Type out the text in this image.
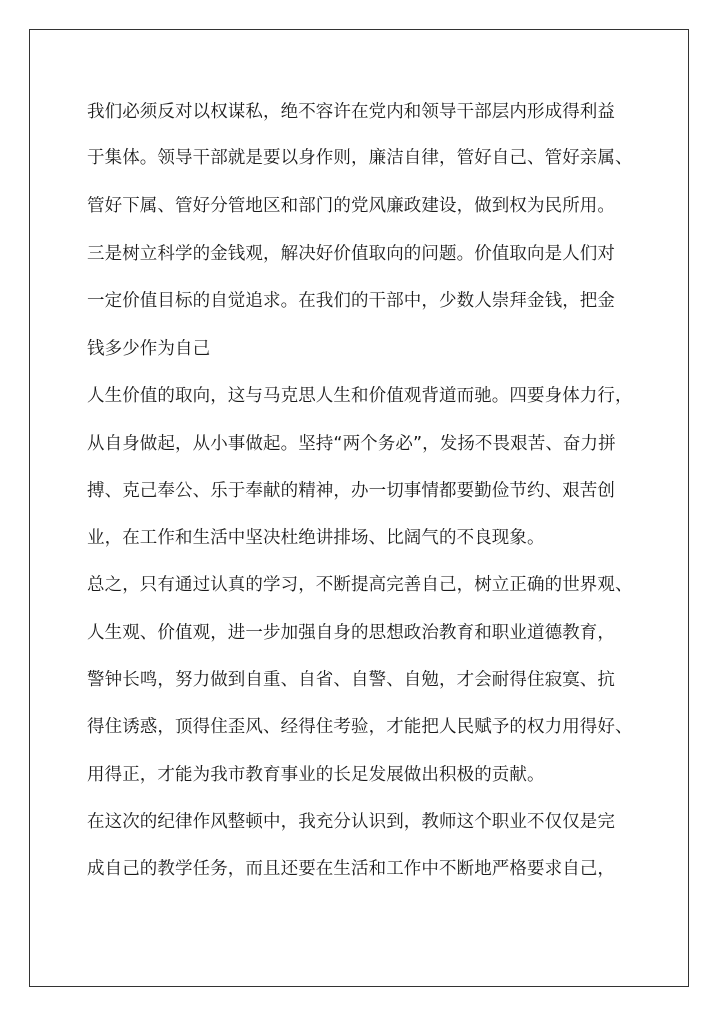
我们必须反对以权谋私，绝不容许在党内和领导干部层内形成得利益
于集体。领导干部就是要以身作则，廉洁自律，管好自己、管好亲属、
管好下属、管好分管地区和部门的党风廉政建设，做到权为民所用。
三是树立科学的金钱观，解决好价值取向的问题。价值取向是人们对
一定价值目标的自觉追求。在我们的干部中，少数人崇拜金钱，把金
钱多少作为自己
人生价值的取向，这与马克思人生和价值观背道而驰。四要身体力行，
从自身做起，从小事做起。坚持“两个务必”，发扬不畏艰苦、奋力拼
搏、克己奉公、乐于奉献的精神，办一切事情都要勤俭节约、艰苦创
业，在工作和生活中坚决杜绝讲排场、比阔气的不良现象。
总之，只有通过认真的学习，不断提高完善自己，树立正确的世界观、
人生观、价值观，进一步加强自身的思想政治教育和职业道德教育，
警钟长鸣，努力做到自重、自省、自警、自勉，才会耐得住寂寞、抗
得住诱惑，顶得住歪风、经得住考验，才能把人民赋予的权力用得好、
用得正，才能为我市教育事业的长足发展做出积极的贡献。
在这次的纪律作风整顿中，我充分认识到，教师这个职业不仅仅是完
成自己的教学任务，而且还要在生活和工作中不断地严格要求自己，
